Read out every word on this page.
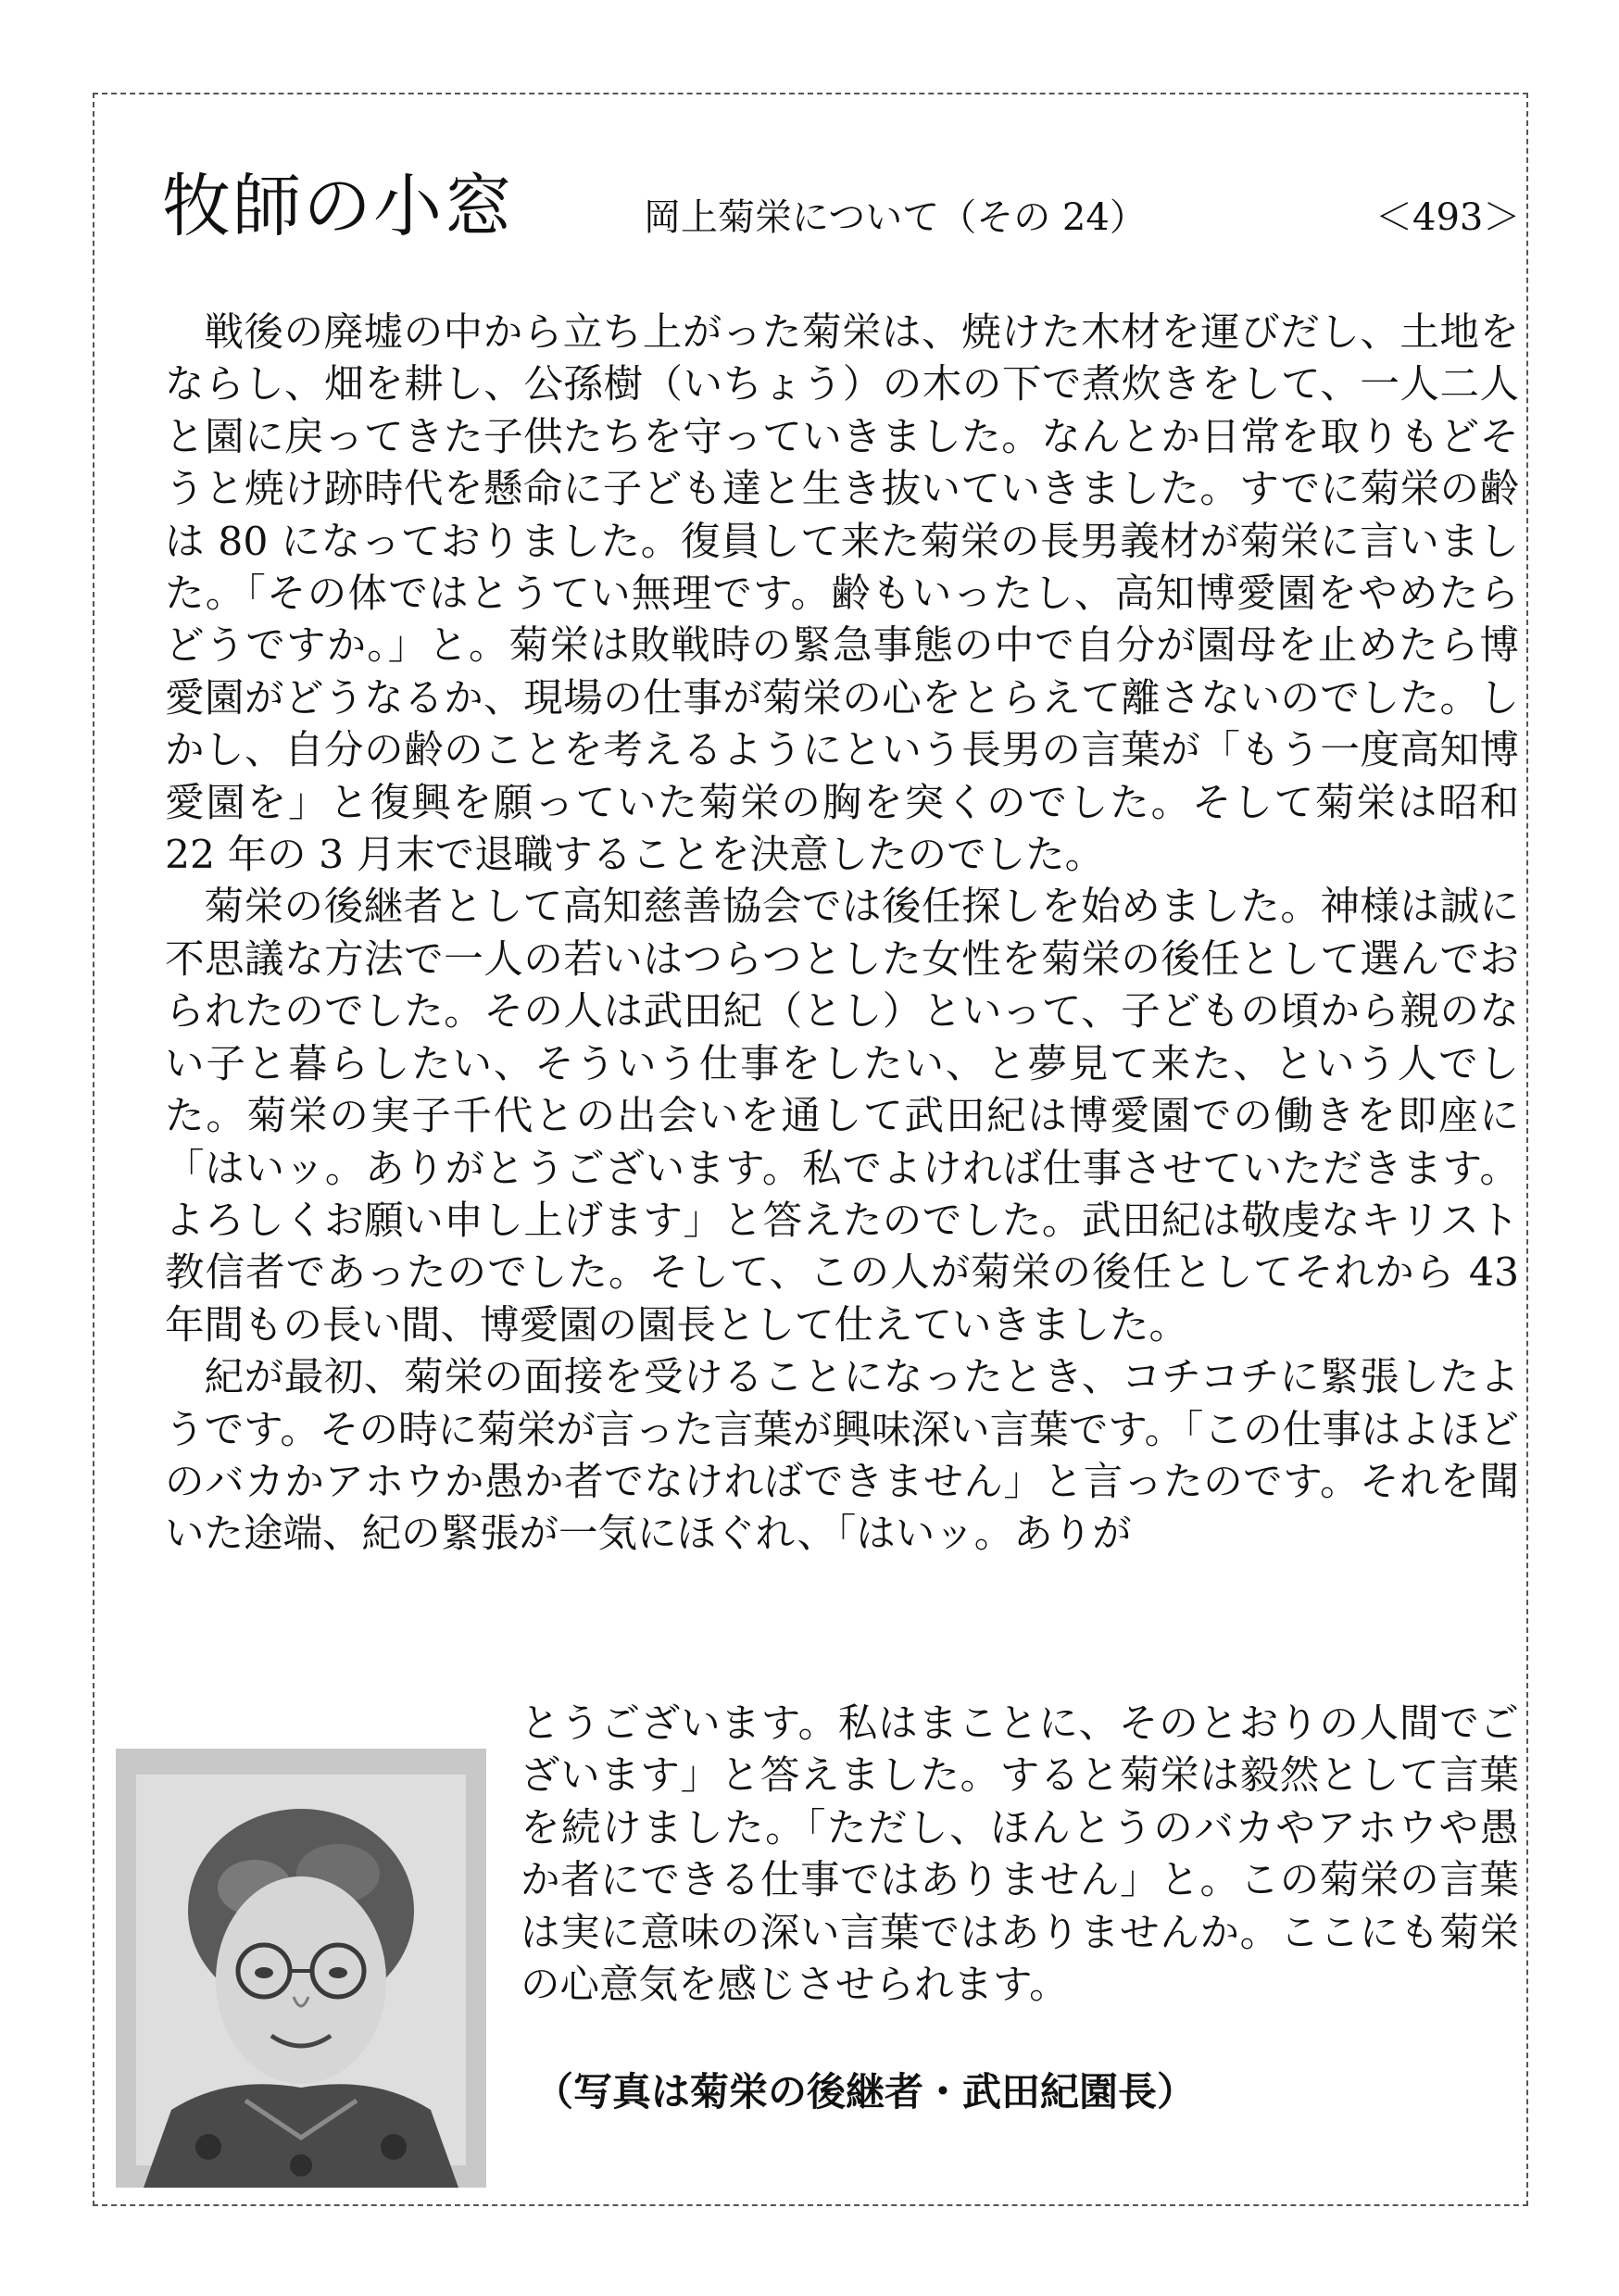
牧師の小窓	岡上菊栄について（その 24）	＜493＞

戦後の廃墟の中から立ち上がった菊栄は、焼けた木材を運びだし、土地をならし、畑を耕し、公孫樹（いちょう）の木の下で煮炊きをして、一人二人と園に戻ってきた子供たちを守っていきました。なんとか日常を取りもどそうと焼け跡時代を懸命に子ども達と生き抜いていきました。すでに菊栄の齢は 80 になっておりました。復員して来た菊栄の長男義材が菊栄に言いました。「その体ではとうてい無理です。齢もいったし、高知博愛園をやめたらどうですか。」と。菊栄は敗戦時の緊急事態の中で自分が園母を止めたら博愛園がどうなるか、現場の仕事が菊栄の心をとらえて離さないのでした。しかし、自分の齢のことを考えるようにという長男の言葉が「もう一度高知博愛園を」と復興を願っていた菊栄の胸を突くのでした。そして菊栄は昭和 22 年の 3 月末で退職することを決意したのでした。

菊栄の後継者として高知慈善協会では後任探しを始めました。神様は誠に不思議な方法で一人の若いはつらつとした女性を菊栄の後任として選んでおられたのでした。その人は武田紀（とし）といって、子どもの頃から親のない子と暮らしたい、そういう仕事をしたい、と夢見て来た、という人でした。菊栄の実子千代との出会いを通して武田紀は博愛園での働きを即座に「はいッ。ありがとうございます。私でよければ仕事させていただきます。よろしくお願い申し上げます」と答えたのでした。武田紀は敬虔なキリスト教信者であったのでした。そして、この人が菊栄の後任としてそれから 43 年間もの長い間、博愛園の園長として仕えていきました。

紀が最初、菊栄の面接を受けることになったとき、コチコチに緊張したようです。その時に菊栄が言った言葉が興味深い言葉です。「この仕事はよほどのバカかアホウか愚か者でなければできません」と言ったのです。それを聞いた途端、紀の緊張が一気にほぐれ、「はいッ。ありが

とうございます。私はまことに、そのとおりの人間でございます」と答えました。すると菊栄は毅然として言葉を続けました。「ただし、ほんとうのバカやアホウや愚か者にできる仕事ではありません」と。この菊栄の言葉は実に意味の深い言葉ではありませんか。ここにも菊栄の心意気を感じさせられます。

（写真は菊栄の後継者・武田紀園長）
